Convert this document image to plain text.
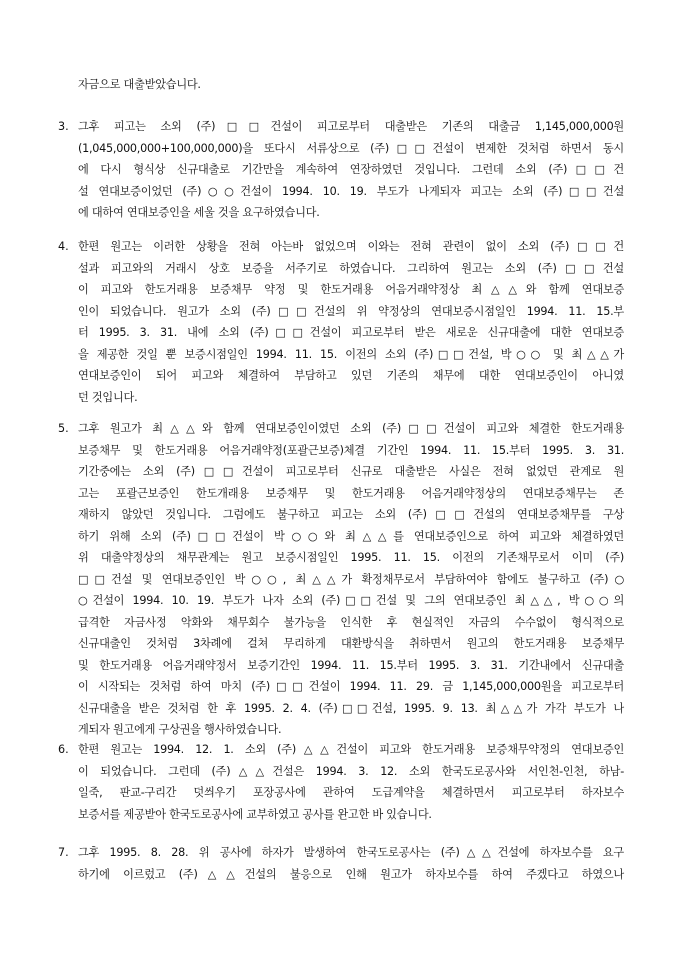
자금으로 대출받았습니다.
3. 그후 피고는 소외 (주)□□건설이 피고로부터 대출받은 기존의 대출금 1,145,000,000원
(1,045,000,000+100,000,000)을 또다시 서류상으로 (주)□□건설이 변제한 것처럼 하면서 동시
에 다시 형식상 신규대출로 기간만을 계속하여 연장하였던 것입니다. 그런데 소외 (주)□□건
설 연대보증이었던 (주)○○건설이 1994. 10. 19. 부도가 나게되자 피고는 소외 (주)□□건설
에 대하여 연대보증인을 세울 것을 요구하였습니다.
4. 한편 원고는 이러한 상황을 전혀 아는바 없었으며 이와는 전혀 관련이 없이 소외 (주)□□건
설과 피고와의 거래시 상호 보증을 서주기로 하였습니다. 그리하여 원고는 소외 (주)□□건설
이 피고와 한도거래용 보증채무 약정 및 한도거래용 어음거래약정상 최△△와 함께 연대보증
인이 되었습니다. 원고가 소외 (주)□□건설의 위 약정상의 연대보증시점일인 1994. 11. 15.부
터 1995. 3. 31. 내에 소외 (주)□□건설이 피고로부터 받은 새로운 신규대출에 대한 연대보증
을 제공한 것일 뿐 보증시점일인 1994. 11. 15. 이전의 소외 (주)□□건설, 박○○ 및 최△△가
연대보증인이 되어 피고와 체결하여 부담하고 있던 기존의 채무에 대한 연대보증인이 아니였
던 것입니다.
5. 그후 원고가 최△△와 함께 연대보증인이였던 소외 (주)□□건설이 피고와 체결한 한도거래용
보증채무 및 한도거래용 어음거래약정(포괄근보증)체결 기간인 1994. 11. 15.부터 1995. 3. 31.
기간중에는 소외 (주)□□건설이 피고로부터 신규로 대출받은 사실은 전혀 없었던 관계로 원
고는 포괄근보증인 한도개래용 보증채무 및 한도거래용 어음거래약정상의 연대보증채무는 존
재하지 않았던 것입니다. 그럼에도 불구하고 피고는 소외 (주)□□건설의 연대보증채무를 구상
하기 위해 소외 (주)□□건설이 박○○와 최△△를 연대보증인으로 하여 피고와 체결하였던
위 대출약정상의 채무관계는 원고 보증시점일인 1995. 11. 15. 이전의 기존채무로서 이미 (주)
□□건설 및 연대보증인인 박○○, 최△△가 확정채무로서 부담하여야 함에도 불구하고 (주)○
○건설이 1994. 10. 19. 부도가 나자 소외 (주)□□건설 및 그의 연대보증인 최△△, 박○○의
급격한 자금사정 악화와 채무회수 불가능을 인식한 후 현실적인 자금의 수수없이 형식적으로
신규대출인 것처럼 3차례에 걸쳐 무리하게 대환방식을 취하면서 원고의 한도거래용 보증채무
및 한도거래용 어음거래약정서 보증기간인 1994. 11. 15.부터 1995. 3. 31. 기간내에서 신규대출
이 시작되는 것처럼 하여 마치 (주)□□건설이 1994. 11. 29. 금 1,145,000,000원을 피고로부터
신규대출을 받은 것처럼 한 후 1995. 2. 4. (주)□□건설, 1995. 9. 13. 최△△가 가각 부도가 나
게되자 원고에게 구상권을 행사하였습니다.
6. 한편 원고는 1994. 12. 1. 소외 (주)△△건설이 피고와 한도거래용 보증채무약정의 연대보증인
이 되었습니다. 그런데 (주)△△건설은 1994. 3. 12. 소외 한국도로공사와 서인천-인천, 하남-
일죽, 판교-구리간 덧씌우기 포장공사에 관하여 도급계약을 체결하면서 피고로부터 하자보수
보증서를 제공받아 한국도로공사에 교부하였고 공사를 완고한 바 있습니다.
7. 그후 1995. 8. 28. 위 공사에 하자가 발생하여 한국도로공사는 (주)△△건설에 하자보수를 요구
하기에 이르렀고 (주)△△건설의 불응으로 인해 원고가 하자보수를 하여 주겠다고 하였으나
